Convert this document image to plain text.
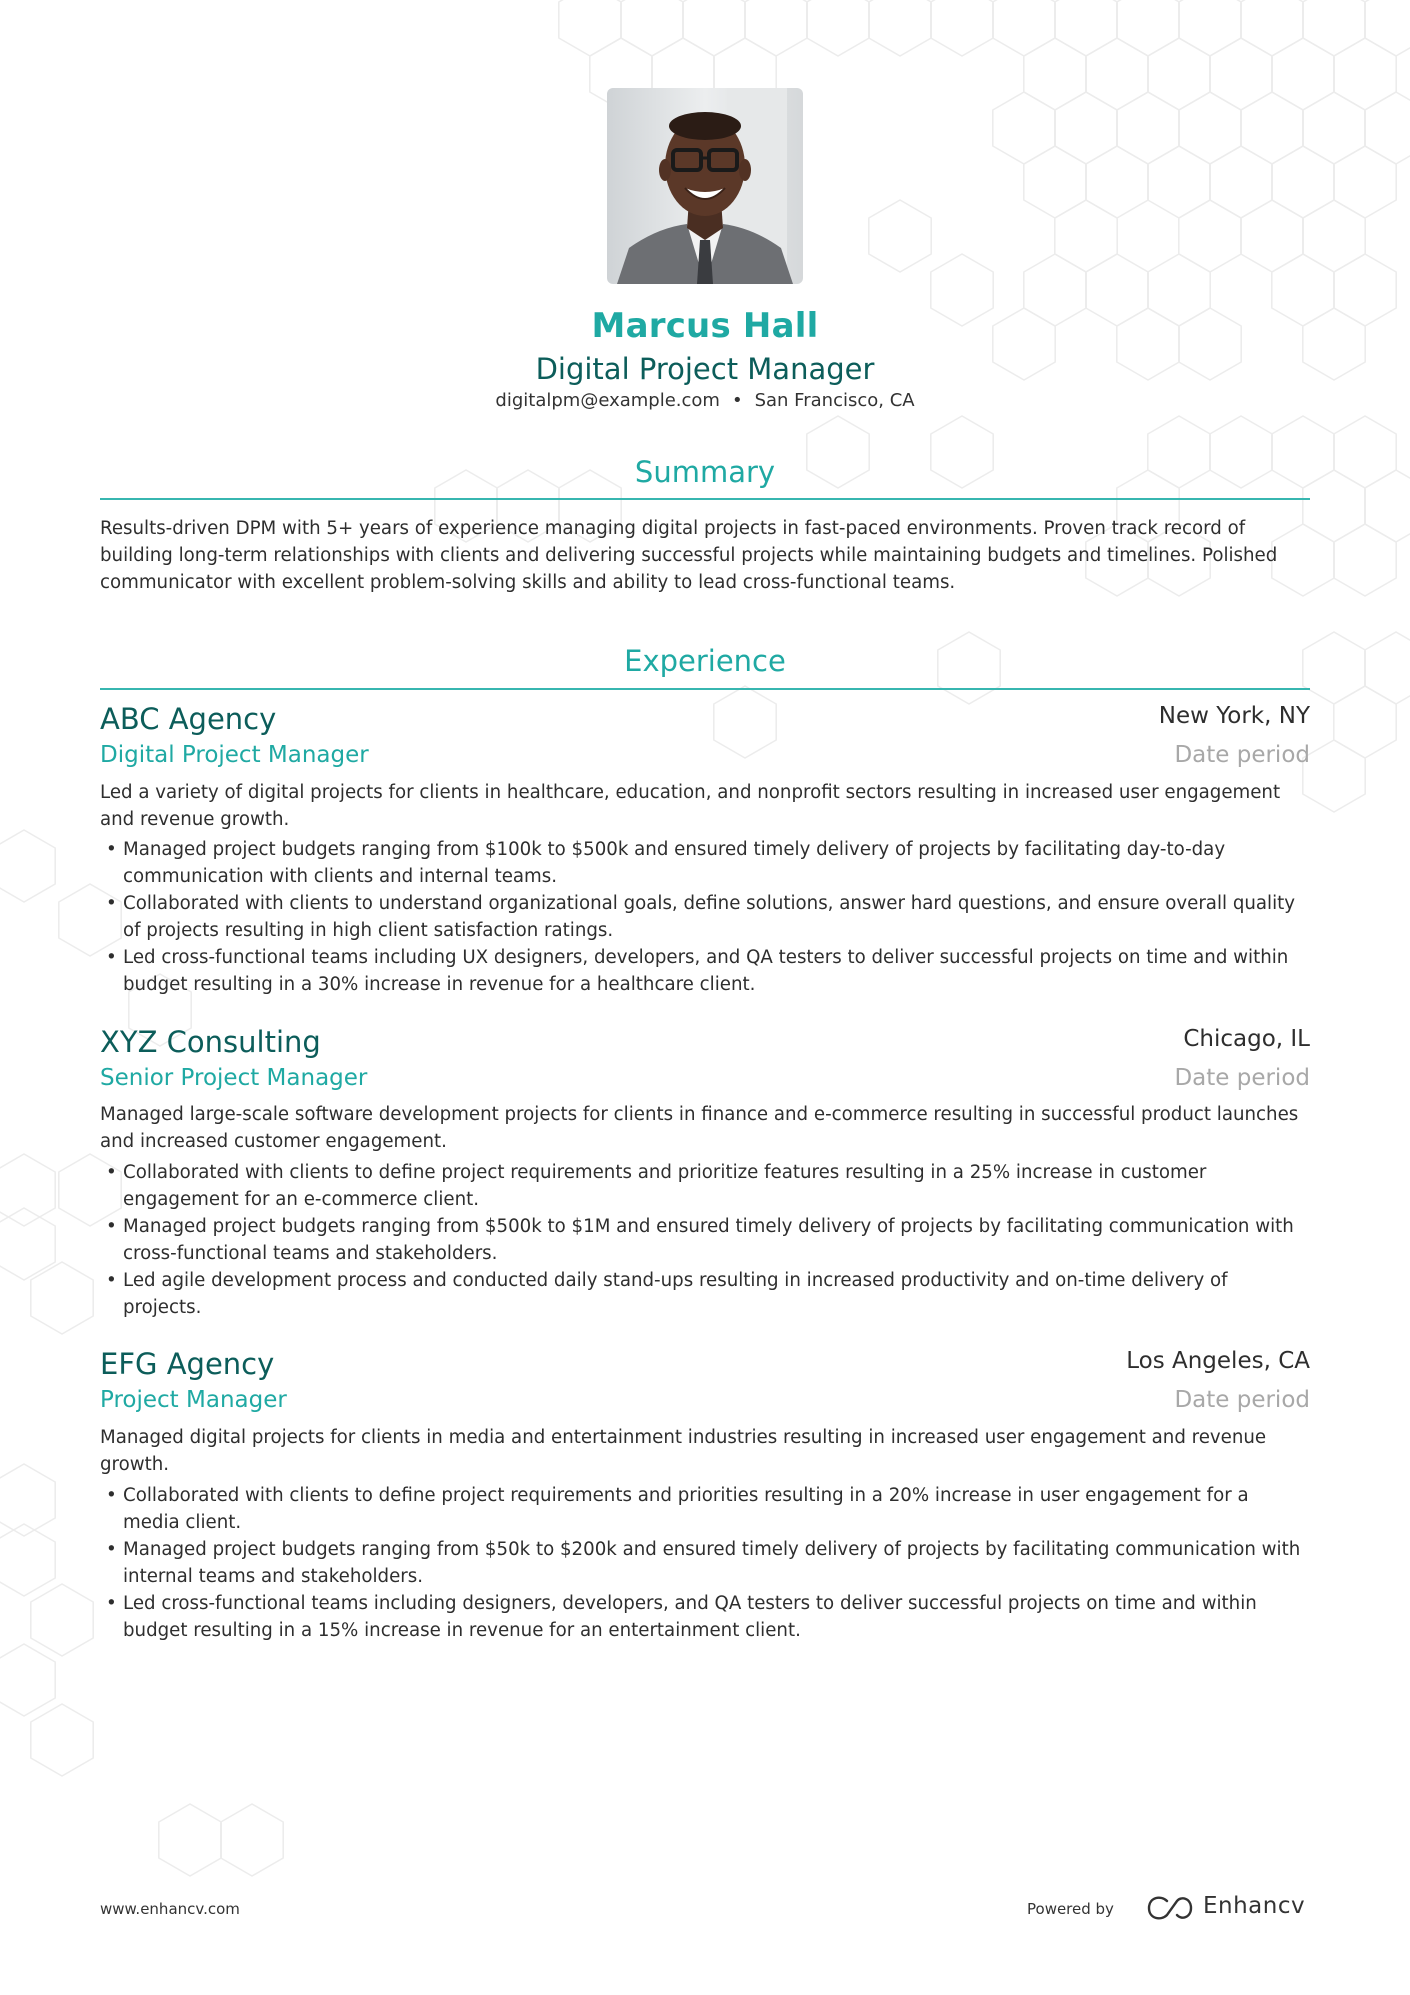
Marcus Hall
Digital Project Manager
digitalpm@example.com • San Francisco, CA
Summary
Results-driven DPM with 5+ years of experience managing digital projects in fast-paced environments. Proven track record of building long-term relationships with clients and delivering successful projects while maintaining budgets and timelines. Polished communicator with excellent problem-solving skills and ability to lead cross-functional teams.
Experience
ABC Agency	New York, NY
Digital Project Manager	Date period
Led a variety of digital projects for clients in healthcare, education, and nonprofit sectors resulting in increased user engagement and revenue growth.
• Managed project budgets ranging from $100k to $500k and ensured timely delivery of projects by facilitating day-to-day communication with clients and internal teams.
• Collaborated with clients to understand organizational goals, define solutions, answer hard questions, and ensure overall quality of projects resulting in high client satisfaction ratings.
• Led cross-functional teams including UX designers, developers, and QA testers to deliver successful projects on time and within budget resulting in a 30% increase in revenue for a healthcare client.
XYZ Consulting	Chicago, IL
Senior Project Manager	Date period
Managed large-scale software development projects for clients in finance and e-commerce resulting in successful product launches and increased customer engagement.
• Collaborated with clients to define project requirements and prioritize features resulting in a 25% increase in customer engagement for an e-commerce client.
• Managed project budgets ranging from $500k to $1M and ensured timely delivery of projects by facilitating communication with cross-functional teams and stakeholders.
• Led agile development process and conducted daily stand-ups resulting in increased productivity and on-time delivery of projects.
EFG Agency	Los Angeles, CA
Project Manager	Date period
Managed digital projects for clients in media and entertainment industries resulting in increased user engagement and revenue growth.
• Collaborated with clients to define project requirements and priorities resulting in a 20% increase in user engagement for a media client.
• Managed project budgets ranging from $50k to $200k and ensured timely delivery of projects by facilitating communication with internal teams and stakeholders.
• Led cross-functional teams including designers, developers, and QA testers to deliver successful projects on time and within budget resulting in a 15% increase in revenue for an entertainment client.
www.enhancv.com	Powered by	Enhancv
